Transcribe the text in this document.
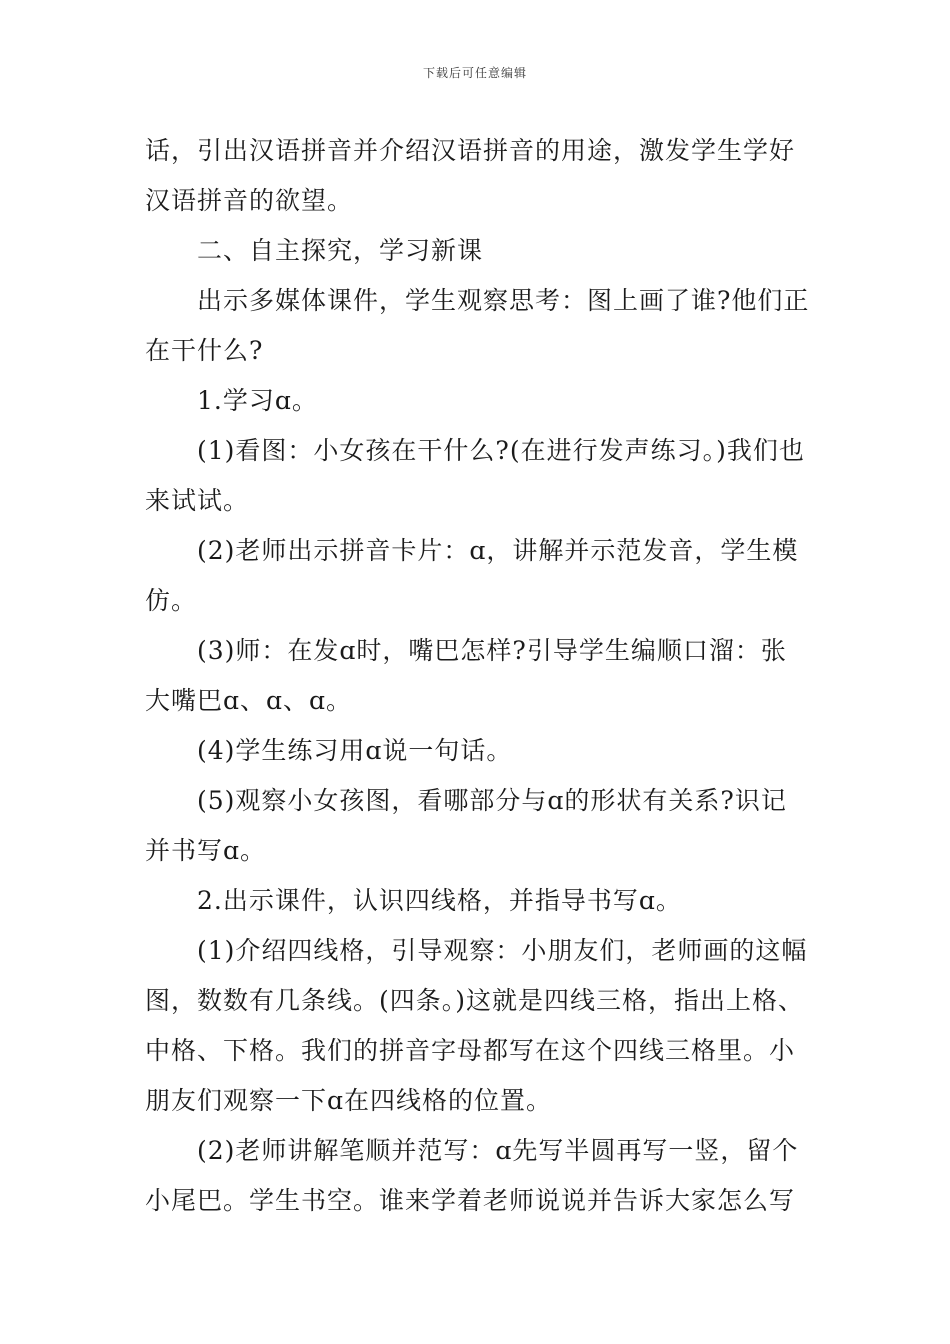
下载后可任意编辑

话，引出汉语拼音并介绍汉语拼音的用途，激发学生学好汉语拼音的欲望。

二、自主探究，学习新课

出示多媒体课件，学生观察思考：图上画了谁?他们正在干什么?

1.学习ɑ。

(1)看图：小女孩在干什么?(在进行发声练习。)我们也来试试。

(2)老师出示拼音卡片：ɑ，讲解并示范发音，学生模仿。

(3)师：在发ɑ时，嘴巴怎样?引导学生编顺口溜：张大嘴巴ɑ、ɑ、ɑ。

(4)学生练习用ɑ说一句话。

(5)观察小女孩图，看哪部分与ɑ的形状有关系?识记并书写ɑ。

2.出示课件，认识四线格，并指导书写ɑ。

(1)介绍四线格，引导观察：小朋友们，老师画的这幅图，数数有几条线。(四条。)这就是四线三格，指出上格、中格、下格。我们的拼音字母都写在这个四线三格里。小朋友们观察一下ɑ在四线格的位置。

(2)老师讲解笔顺并范写：ɑ先写半圆再写一竖，留个小尾巴。学生书空。谁来学着老师说说并告诉大家怎么写
